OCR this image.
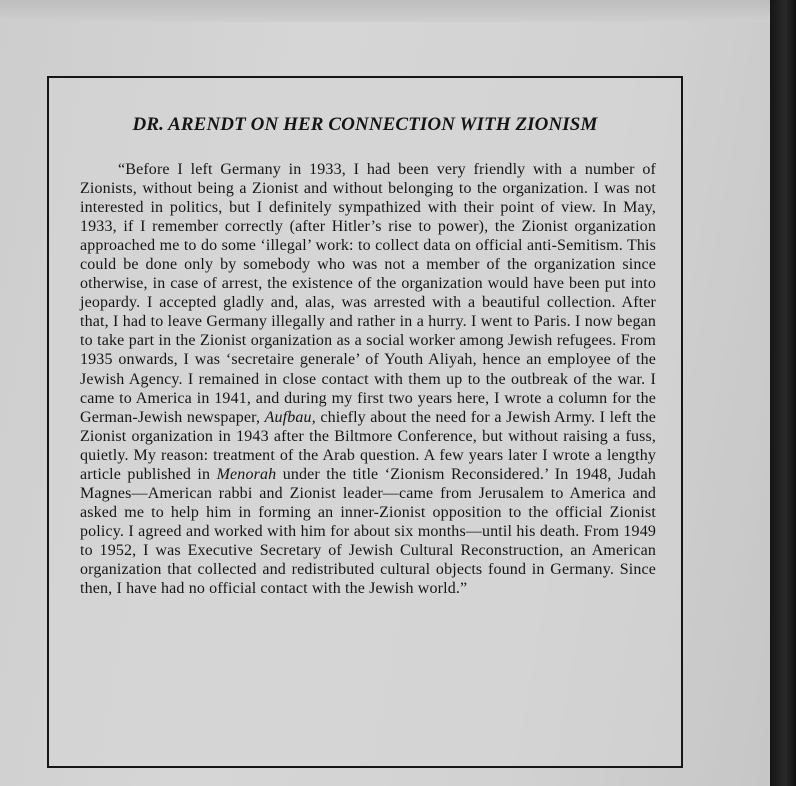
DR. ARENDT ON HER CONNECTION WITH ZIONISM

“Before I left Germany in 1933, I had been very friendly with a number of Zionists, without being a Zionist and without belonging to the organization. I was not interested in politics, but I definitely sympathized with their point of view. In May, 1933, if I remember correctly (after Hitler’s rise to power), the Zionist organization approached me to do some ‘illegal’ work: to collect data on official anti-Semitism. This could be done only by somebody who was not a member of the organization since otherwise, in case of arrest, the existence of the organization would have been put into jeopardy. I accepted gladly and, alas, was arrested with a beautiful collection. After that, I had to leave Germany illegally and rather in a hurry. I went to Paris. I now began to take part in the Zionist organization as a social worker among Jewish refugees. From 1935 onwards, I was ‘secretaire generale’ of Youth Aliyah, hence an employee of the Jewish Agency. I remained in close contact with them up to the outbreak of the war. I came to America in 1941, and during my first two years here, I wrote a column for the German-Jewish newspaper, Aufbau, chiefly about the need for a Jewish Army. I left the Zionist organization in 1943 after the Biltmore Conference, but without raising a fuss, quietly. My reason: treatment of the Arab question. A few years later I wrote a lengthy article published in Menorah under the title ‘Zionism Reconsidered.’ In 1948, Judah Magnes—American rabbi and Zionist leader—came from Jerusalem to America and asked me to help him in forming an inner-Zionist opposition to the official Zionist policy. I agreed and worked with him for about six months—until his death. From 1949 to 1952, I was Executive Secretary of Jewish Cultural Reconstruction, an American organization that collected and redistributed cultural objects found in Germany. Since then, I have had no official contact with the Jewish world.”
